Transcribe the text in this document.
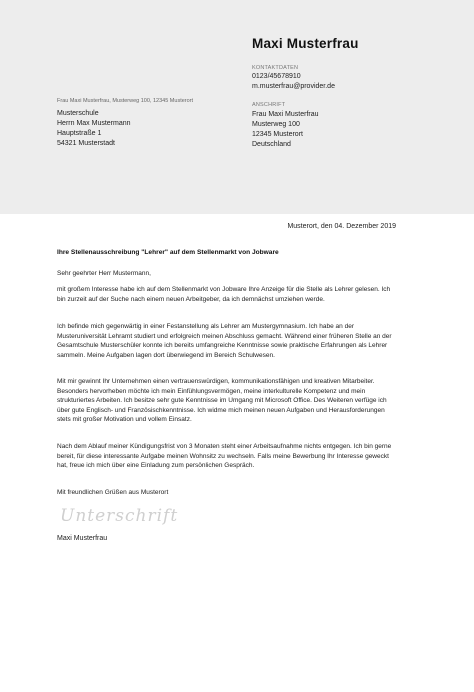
Maxi Musterfrau
KONTAKTDATEN
0123/45678910
m.musterfrau@provider.de
ANSCHRIFT
Frau Maxi Musterfrau
Musterweg 100
12345 Musterort
Deutschland
Frau Maxi Musterfrau, Musterweg 100, 12345 Musterort
Musterschule
Herrn Max Mustermann
Hauptstraße 1
54321 Musterstadt
Musterort, den 04. Dezember 2019
Ihre Stellenausschreibung "Lehrer" auf dem Stellenmarkt von Jobware

Sehr geehrter Herr Mustermann,

mit großem Interesse habe ich auf dem Stellenmarkt von Jobware Ihre Anzeige für die Stelle als Lehrer gelesen. Ich bin zurzeit auf der Suche nach einem neuen Arbeitgeber, da ich demnächst umziehen werde.

Ich befinde mich gegenwärtig in einer Festanstellung als Lehrer am Mustergymnasium. Ich habe an der Musteruniversität Lehramt studiert und erfolgreich meinen Abschluss gemacht. Während einer früheren Stelle an der Gesamtschule Musterschüler konnte ich bereits umfangreiche Kenntnisse sowie praktische Erfahrungen als Lehrer sammeln. Meine Aufgaben lagen dort überwiegend im Bereich Schulwesen.

Mit mir gewinnt Ihr Unternehmen einen vertrauenswürdigen, kommunikationsfähigen und kreativen Mitarbeiter. Besonders hervorheben möchte ich mein Einfühlungsvermögen, meine interkulturelle Kompetenz und mein strukturiertes Arbeiten. Ich besitze sehr gute Kenntnisse im Umgang mit Microsoft Office. Des Weiteren verfüge ich über gute Englisch- und Französischkenntnisse. Ich widme mich meinen neuen Aufgaben und Herausforderungen stets mit großer Motivation und vollem Einsatz.

Nach dem Ablauf meiner Kündigungsfrist von 3 Monaten steht einer Arbeitsaufnahme nichts entgegen. Ich bin gerne bereit, für diese interessante Aufgabe meinen Wohnsitz zu wechseln. Falls meine Bewerbung Ihr Interesse geweckt hat, freue ich mich über eine Einladung zum persönlichen Gespräch.

Mit freundlichen Grüßen aus Musterort

Unterschrift
Maxi Musterfrau
